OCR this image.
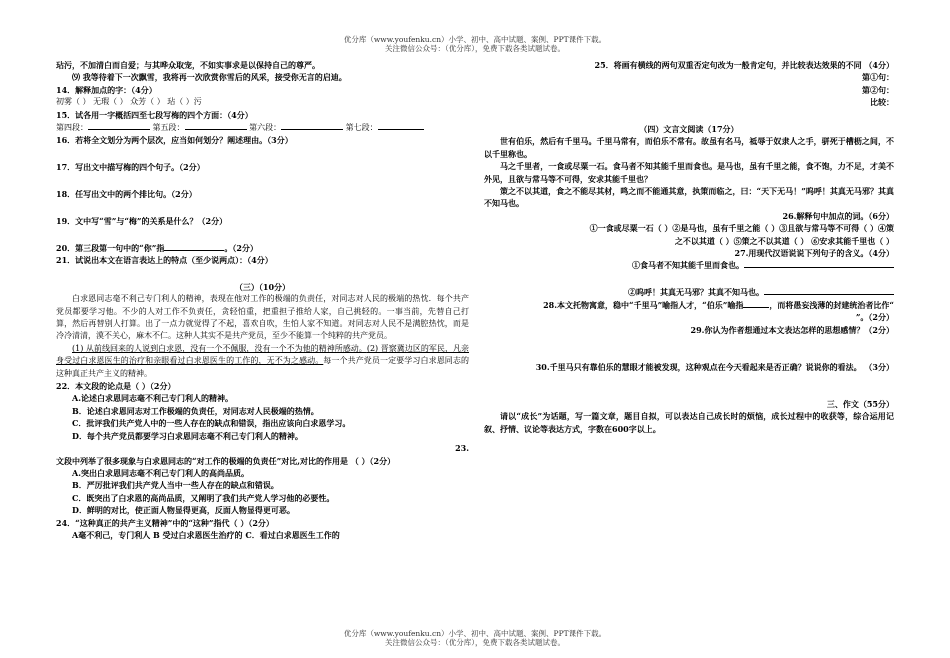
优分库（www.youfenku.cn）小学、初中、高中试题、案例、PPT课件下载。
关注微信公众号：（优分库），免费下载各类试题试卷。
玷污，不加清白而自爱；与其哗众取宠，不如实事求是以保持自己的尊严。
⑼ 我等待着下一次飘雪，我将再一次欣赏你雪后的风采，接受你无言的启迪。
14．解释加点的字：（4分）
初雾（ ） 无瑕（ ） 众芳（ ） 玷（ ）污
15．试各用一字概括四至七段写梅的四个方面：（4分）
第四段：	第五段：	第六段：	第七段：
16．若将全文划分为两个层次，应当如何划分？阐述理由。（3分）
17．写出文中描写梅的四个句子。（2分）
18．任写出文中的两个排比句。（2分）
19．文中写“雪”与“梅”的关系是什么？（2分）
20．第三段第一句中的“你”指	。（2分）
21．试说出本文在语言表达上的特点（至少说两点）：（4分）
（三）（10分）
白求恩同志毫不利己专门利人的精神，表现在他对工作的极端的负责任，对同志对人民的极端的热忱．每个共产党员都要学习他。不少的人对工作不负责任，贪轻怕重，把重担子推给人家，自己挑轻的。一事当前，先替自己打算，然后再替别人打算。出了一点力就觉得了不起，喜欢自吹，生怕人家不知道。对同志对人民不是满腔热忱，而是冷冷清清，漠不关心，麻木不仁。这种人其实不是共产党员，至少不能算一个纯粹的共产党员。
(1) 从前线回来的人说到白求恩，没有一个不佩服，没有一个不为他的精神所感动。(2) 晋察冀边区的军民，凡亲身受过白求恩医生的治疗和亲眼看过白求恩医生的工作的，无不为之感动。每一个共产党员一定要学习白求恩同志的这种真正共产主义的精神。
22．本文段的论点是（ ）（2分）
A.论述白求恩同志毫不利己专门利人的精神。
B．论述白求恩同志对工作极端的负责任，对同志对人民极端的热情。
C．批评我们共产党人中的一些人存在的缺点和错误，指出应该向白求恩学习。
D．每个共产党员都要学习白求恩同志毫不利己专门利人的精神。
23.
文段中列举了很多现象与白求恩同志的“对工作的极端的负责任”对比,对比的作用是 （ ）（2分）
A.突出白求恩同志毫不利己专门利人的高尚品质。
B．严厉批评我们共产党人当中一些人存在的缺点和错误。
C．既突出了白求恩的高尚品质，又阐明了我们共产党人学习他的必要性。
D．鲜明的对比，使正面人物显得更高，反面人物显得更可恶。
24．“这种真正的共产主义精神”中的“这种”指代（ ）（2分）
A毫不利己，专门利人 B 受过白求恩医生治疗的 C．看过白求恩医生工作的
25．将画有横线的两句双重否定句改为一般肯定句，并比较表达效果的不同 （4分）
第①句：
第②句：
比较：
（四）文言文阅读（17分）
世有伯乐，然后有千里马。千里马常有，而伯乐不常有。故虽有名马，祗辱于奴隶人之手，骈死于槽枥之间，不以千里称也。
马之千里者，一食或尽粟一石。食马者不知其能千里而食也。是马也，虽有千里之能，食不饱，力不足，才美不外见，且欲与常马等不可得，安求其能千里也？
策之不以其道，食之不能尽其材，鸣之而不能通其意，执策而临之，曰：“天下无马！”呜呼！其真无马邪？其真不知马也。
26.解释句中加点的词。（6分）
①一食或尽粟一石（ ）②是马也，虽有千里之能（ ）③且欲与常马等不可得（ ）④策
之不以其道（ ）⑤策之不以其道（ ） ⑥安求其能千里也（ ）
27.用现代汉语说说下列句子的含义。（4分）
①食马者不知其能千里而食也。
②呜呼！其真无马邪？其真不知马也。
28.本文托物寓意，稳中“千里马”喻指人才，“伯乐”喻指	，而将愚妄浅薄的封建统治者比作“
”。（2分）
29.你认为作者想通过本文表达怎样的思想感情？（2分）
30.千里马只有靠伯乐的慧眼才能被发现，这种观点在今天看起来是否正确？说说你的看法。 （3分）
三、作文（55分）
请以“成长”为话题，写一篇文章，题目自拟，可以表达自己成长时的烦恼，成长过程中的收获等，综合运用记叙、抒情、议论等表达方式，字数在600字以上。
优分库（www.youfenku.cn）小学、初中、高中试题、案例、PPT课件下载。
关注微信公众号：（优分库），免费下载各类试题试卷。
